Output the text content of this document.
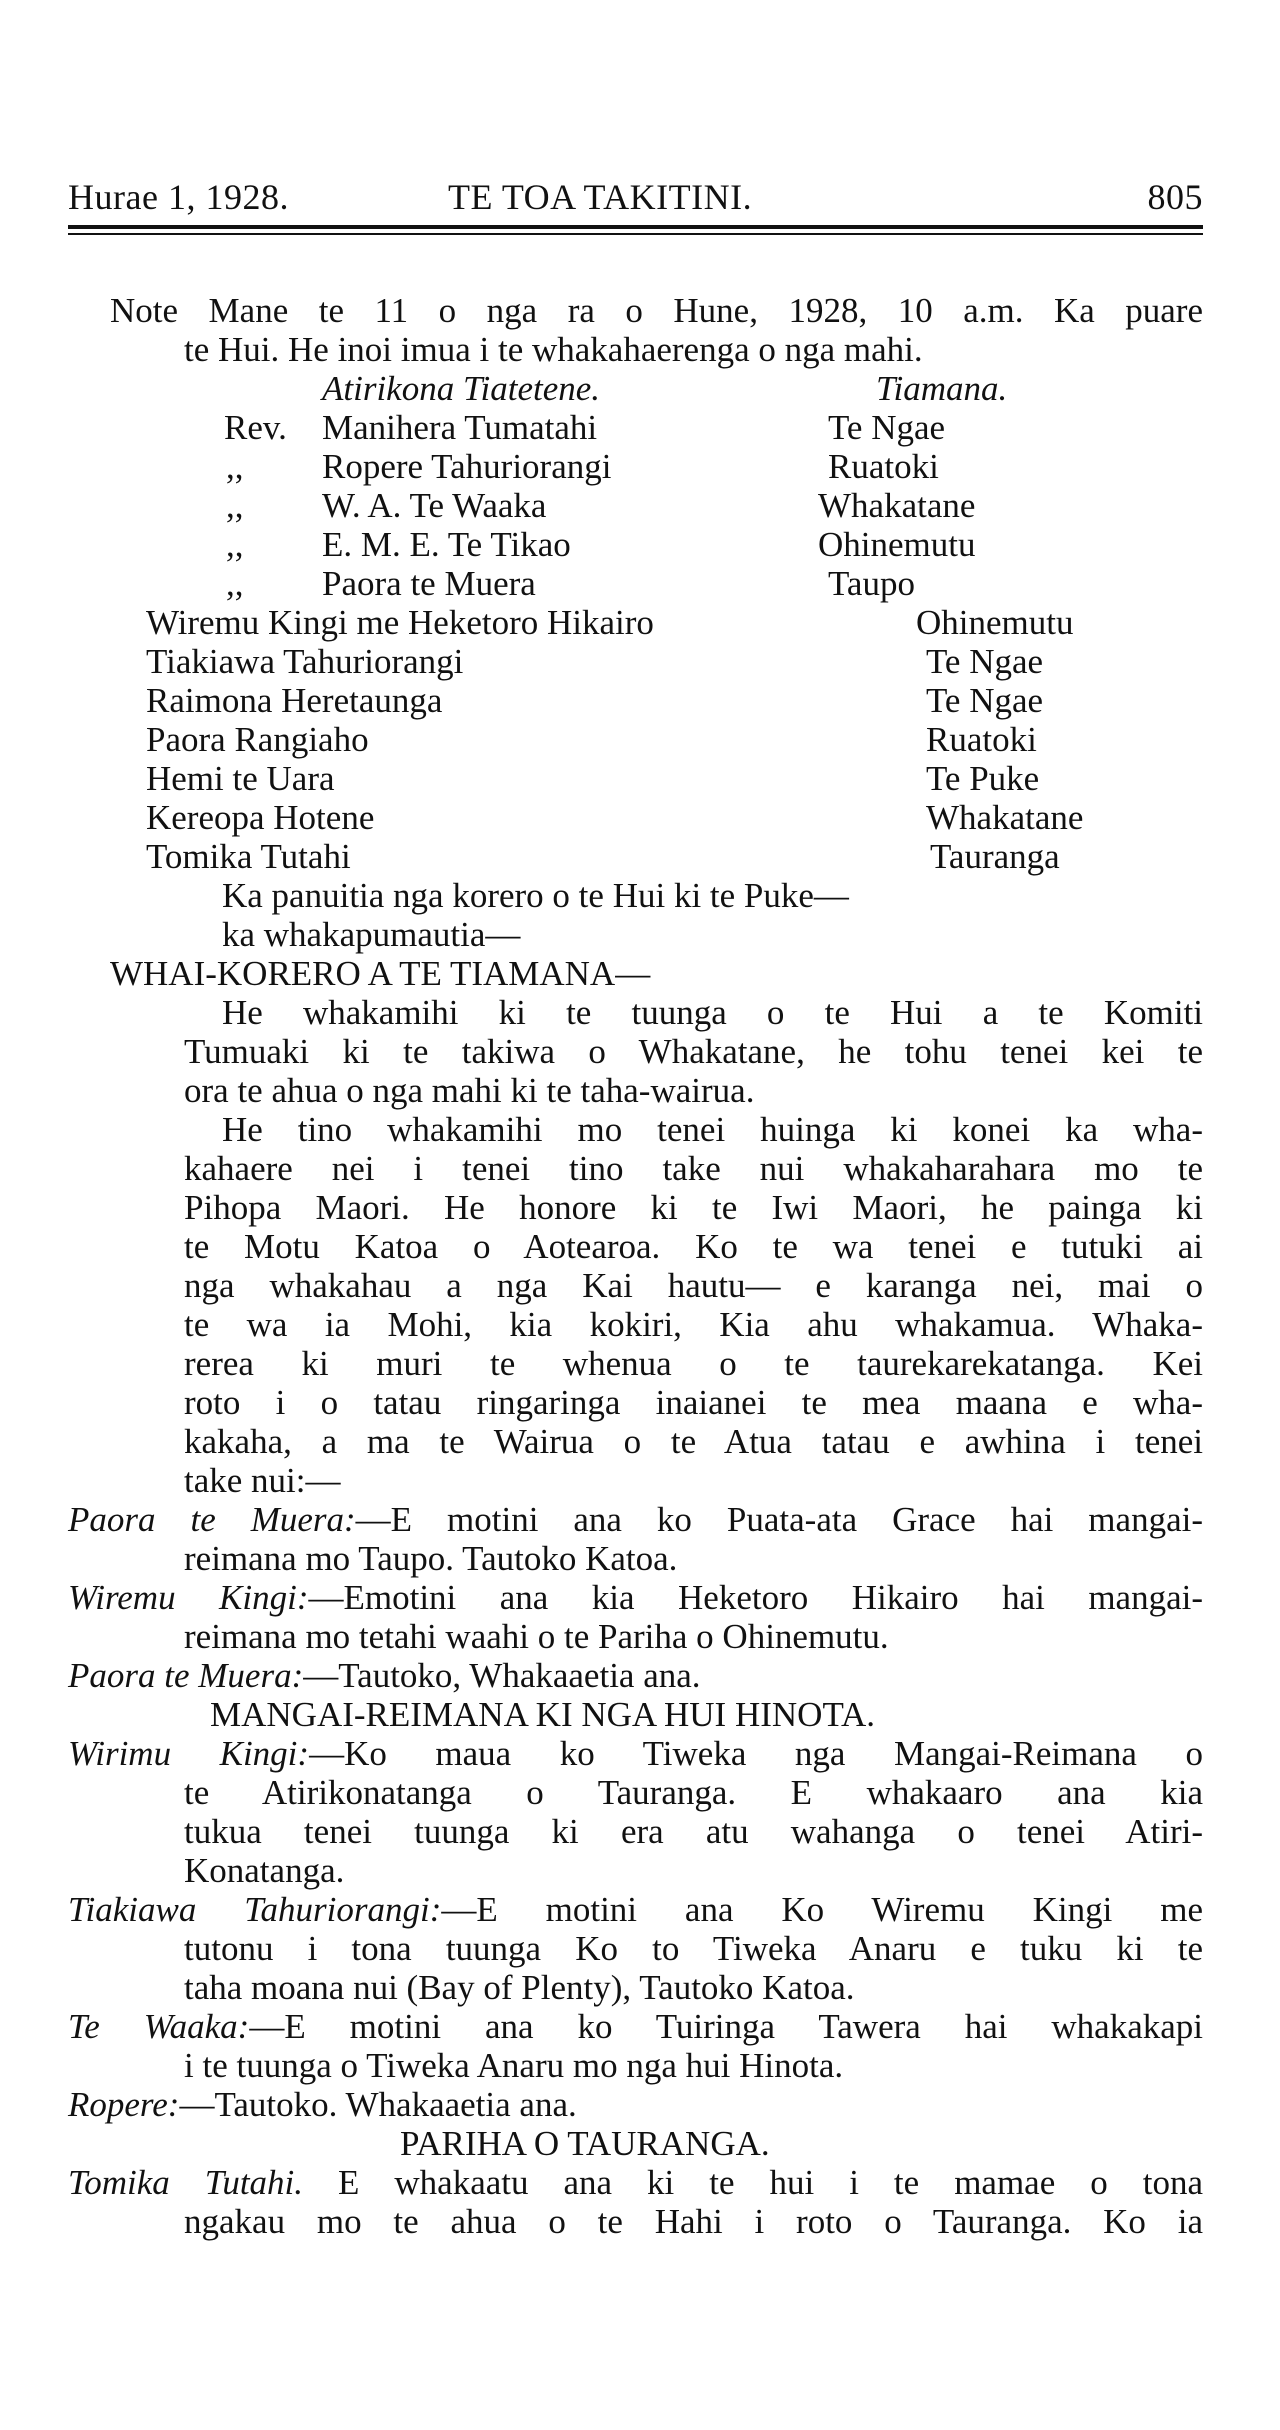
Hurae 1, 1928.	TE TOA TAKITINI.	805
Note Mane te 11 o nga ra o Hune, 1928, 10 a.m. Ka puare
te Hui. He inoi imua i te whakahaerenga o nga mahi.
Atirikona Tiatetene.	Tiamana.
Rev. Manihera Tumatahi	Te Ngae
,, Ropere Tahuriorangi	Ruatoki
,, W. A. Te Waaka	Whakatane
,, E. M. E. Te Tikao	Ohinemutu
,, Paora te Muera	Taupo
Wiremu Kingi me Heketoro Hikairo	Ohinemutu
Tiakiawa Tahuriorangi	Te Ngae
Raimona Heretaunga	Te Ngae
Paora Rangiaho	Ruatoki
Hemi te Uara	Te Puke
Kereopa Hotene	Whakatane
Tomika Tutahi	Tauranga
Ka panuitia nga korero o te Hui ki te Puke—
ka whakapumautia—
WHAI-KORERO A TE TIAMANA—
He whakamihi ki te tuunga o te Hui a te Komiti
Tumuaki ki te takiwa o Whakatane, he tohu tenei kei te
ora te ahua o nga mahi ki te taha-wairua.
He tino whakamihi mo tenei huinga ki konei ka wha-
kahaere nei i tenei tino take nui whakaharahara mo te
Pihopa Maori. He honore ki te Iwi Maori, he painga ki
te Motu Katoa o Aotearoa. Ko te wa tenei e tutuki ai
nga whakahau a nga Kai hautu— e karanga nei, mai o
te wa ia Mohi, kia kokiri, Kia ahu whakamua. Whaka-
rerea ki muri te whenua o te taurekarekatanga. Kei
roto i o tatau ringaringa inaianei te mea maana e wha-
kakaha, a ma te Wairua o te Atua tatau e awhina i tenei
take nui:—
Paora te Muera:—E motini ana ko Puata-ata Grace hai mangai-
reimana mo Taupo. Tautoko Katoa.
Wiremu Kingi:—Emotini ana kia Heketoro Hikairo hai mangai-
reimana mo tetahi waahi o te Pariha o Ohinemutu.
Paora te Muera:—Tautoko, Whakaaetia ana.
MANGAI-REIMANA KI NGA HUI HINOTA.
Wirimu Kingi:—Ko maua ko Tiweka nga Mangai-Reimana o
te Atirikonatanga o Tauranga. E whakaaro ana kia
tukua tenei tuunga ki era atu wahanga o tenei Atiri-
Konatanga.
Tiakiawa Tahuriorangi:—E motini ana Ko Wiremu Kingi me
tutonu i tona tuunga Ko to Tiweka Anaru e tuku ki te
taha moana nui (Bay of Plenty), Tautoko Katoa.
Te Waaka:—E motini ana ko Tuiringa Tawera hai whakakapi
i te tuunga o Tiweka Anaru mo nga hui Hinota.
Ropere:—Tautoko. Whakaaetia ana.
PARIHA O TAURANGA.
Tomika Tutahi. E whakaatu ana ki te hui i te mamae o tona
ngakau mo te ahua o te Hahi i roto o Tauranga. Ko ia
